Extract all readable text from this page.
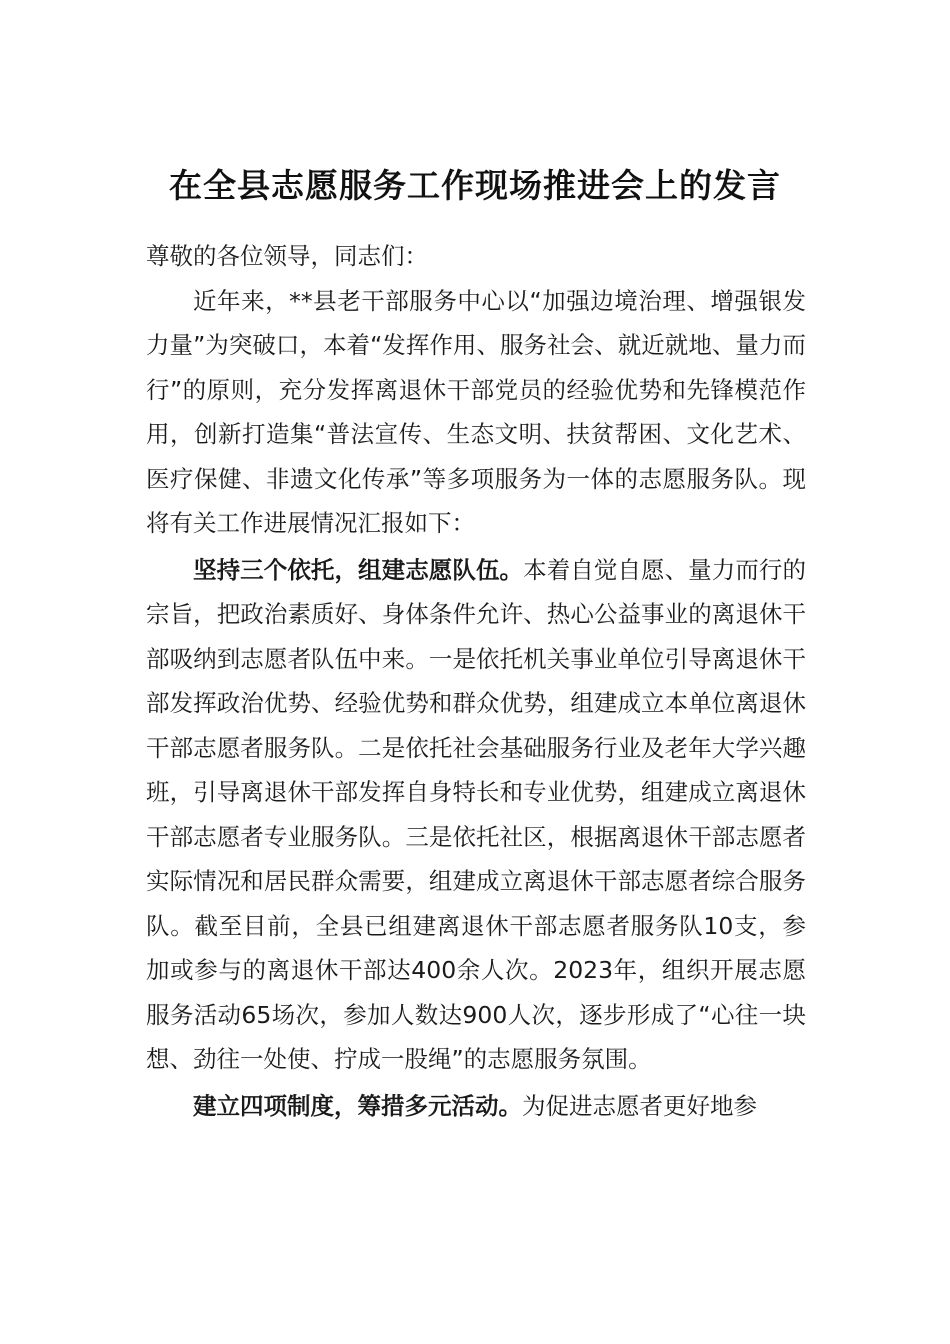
在全县志愿服务工作现场推进会上的发言

尊敬的各位领导，同志们：

近年来，**县老干部服务中心以“加强边境治理、增强银发力量”为突破口，本着“发挥作用、服务社会、就近就地、量力而行”的原则，充分发挥离退休干部党员的经验优势和先锋模范作用，创新打造集“普法宣传、生态文明、扶贫帮困、文化艺术、医疗保健、非遗文化传承”等多项服务为一体的志愿服务队。现将有关工作进展情况汇报如下：

坚持三个依托，组建志愿队伍。本着自觉自愿、量力而行的宗旨，把政治素质好、身体条件允许、热心公益事业的离退休干部吸纳到志愿者队伍中来。一是依托机关事业单位引导离退休干部发挥政治优势、经验优势和群众优势，组建成立本单位离退休干部志愿者服务队。二是依托社会基础服务行业及老年大学兴趣班，引导离退休干部发挥自身特长和专业优势，组建成立离退休干部志愿者专业服务队。三是依托社区，根据离退休干部志愿者实际情况和居民群众需要，组建成立离退休干部志愿者综合服务队。截至目前，全县已组建离退休干部志愿者服务队10支，参加或参与的离退休干部达400余人次。2023年，组织开展志愿服务活动65场次，参加人数达900人次，逐步形成了“心往一块想、劲往一处使、拧成一股绳”的志愿服务氛围。

建立四项制度，筹措多元活动。为促进志愿者更好地参
